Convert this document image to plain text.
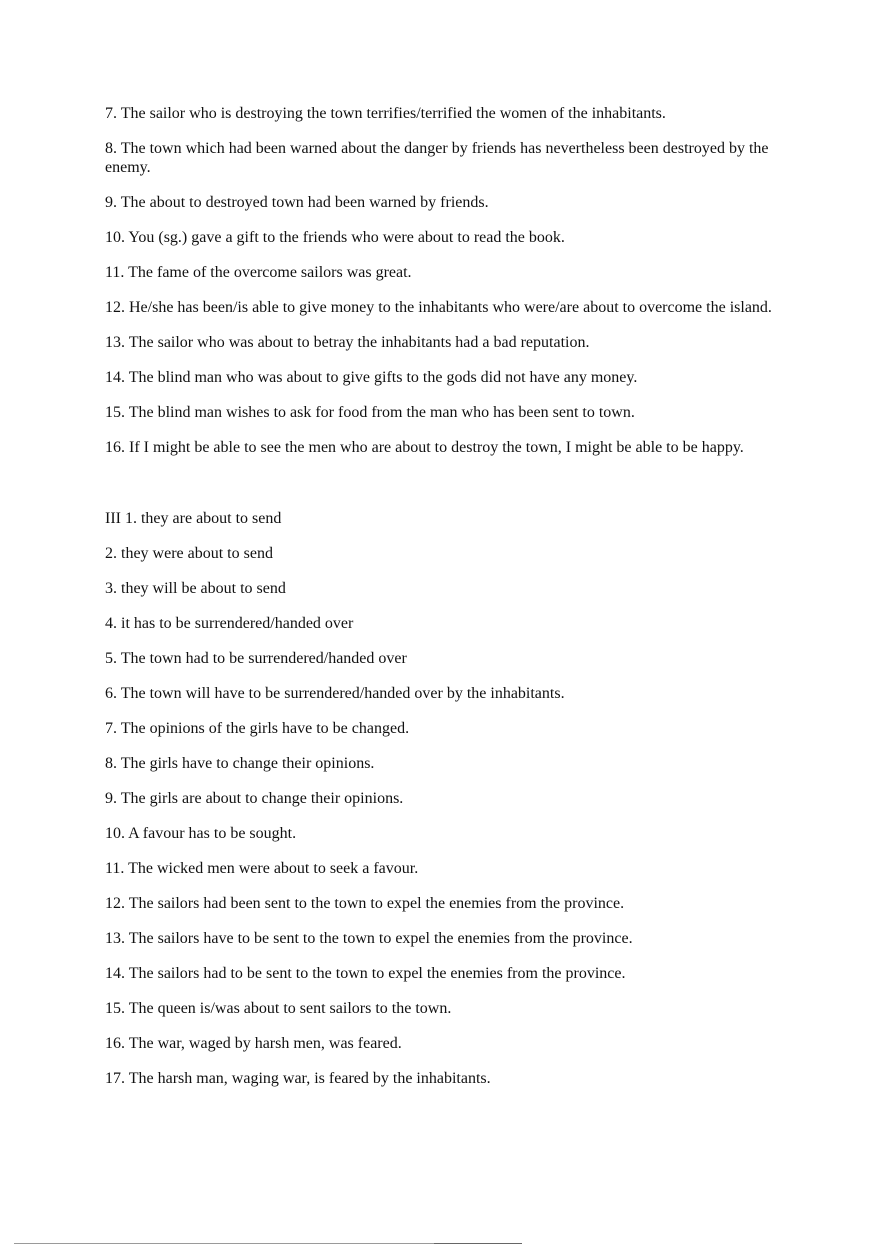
7. The sailor who is destroying the town terrifies/terrified the women of the inhabitants.

8. The town which had been warned about the danger by friends has nevertheless been destroyed by the enemy.

9. The about to destroyed town had been warned by friends.

10. You (sg.) gave a gift to the friends who were about to read the book.

11. The fame of the overcome sailors was great.

12. He/she has been/is able to give money to the inhabitants who were/are about to overcome the island.

13. The sailor who was about to betray the inhabitants had a bad reputation.

14. The blind man who was about to give gifts to the gods did not have any money.

15. The blind man wishes to ask for food from the man who has been sent to town.

16. If I might be able to see the men who are about to destroy the town, I might be able to be happy.

III 1. they are about to send

2. they were about to send

3. they will be about to send

4. it has to be surrendered/handed over

5. The town had to be surrendered/handed over

6. The town will have to be surrendered/handed over by the inhabitants.

7. The opinions of the girls have to be changed.

8. The girls have to change their opinions.

9. The girls are about to change their opinions.

10. A favour has to be sought.

11. The wicked men were about to seek a favour.

12. The sailors had been sent to the town to expel the enemies from the province.

13. The sailors have to be sent to the town to expel the enemies from the province.

14. The sailors had to be sent to the town to expel the enemies from the province.

15. The queen is/was about to sent sailors to the town.

16. The war, waged by harsh men, was feared.

17. The harsh man, waging war, is feared by the inhabitants.
